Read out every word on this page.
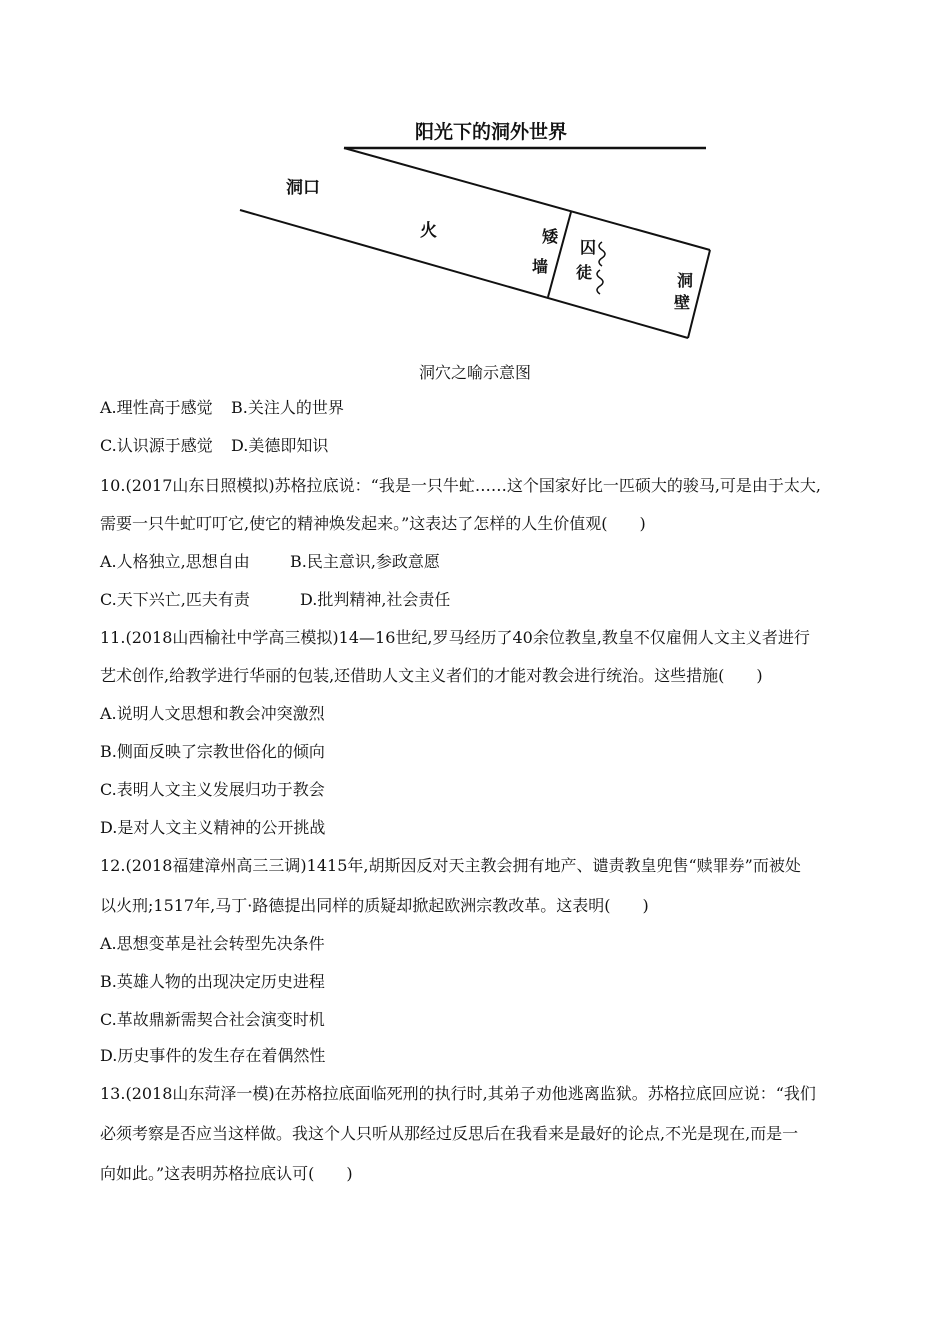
阳光下的洞外世界
洞口
火	矮
墙
囚
徒	洞
壁
洞穴之喻示意图
A.理性高于感觉 B.关注人的世界
C.认识源于感觉 D.美德即知识
10.(2017山东日照模拟)苏格拉底说：“我是一只牛虻……这个国家好比一匹硕大的骏马,可是由于太大,
需要一只牛虻叮叮它,使它的精神焕发起来。”这表达了怎样的人生价值观(　　)
A.人格独立,思想自由	B.民主意识,参政意愿
C.天下兴亡,匹夫有责	D.批判精神,社会责任
11.(2018山西榆社中学高三模拟)14—16世纪,罗马经历了40余位教皇,教皇不仅雇佣人文主义者进行
艺术创作,给教学进行华丽的包装,还借助人文主义者们的才能对教会进行统治。这些措施(　　)
A.说明人文思想和教会冲突激烈
B.侧面反映了宗教世俗化的倾向
C.表明人文主义发展归功于教会
D.是对人文主义精神的公开挑战
12.(2018福建漳州高三三调)1415年,胡斯因反对天主教会拥有地产、谴责教皇兜售“赎罪券”而被处
以火刑;1517年,马丁·路德提出同样的质疑却掀起欧洲宗教改革。这表明(　　)
A.思想变革是社会转型先决条件
B.英雄人物的出现决定历史进程
C.革故鼎新需契合社会演变时机
D.历史事件的发生存在着偶然性
13.(2018山东菏泽一模)在苏格拉底面临死刑的执行时,其弟子劝他逃离监狱。苏格拉底回应说：“我们
必须考察是否应当这样做。我这个人只听从那经过反思后在我看来是最好的论点,不光是现在,而是一
向如此。”这表明苏格拉底认可(　　)
